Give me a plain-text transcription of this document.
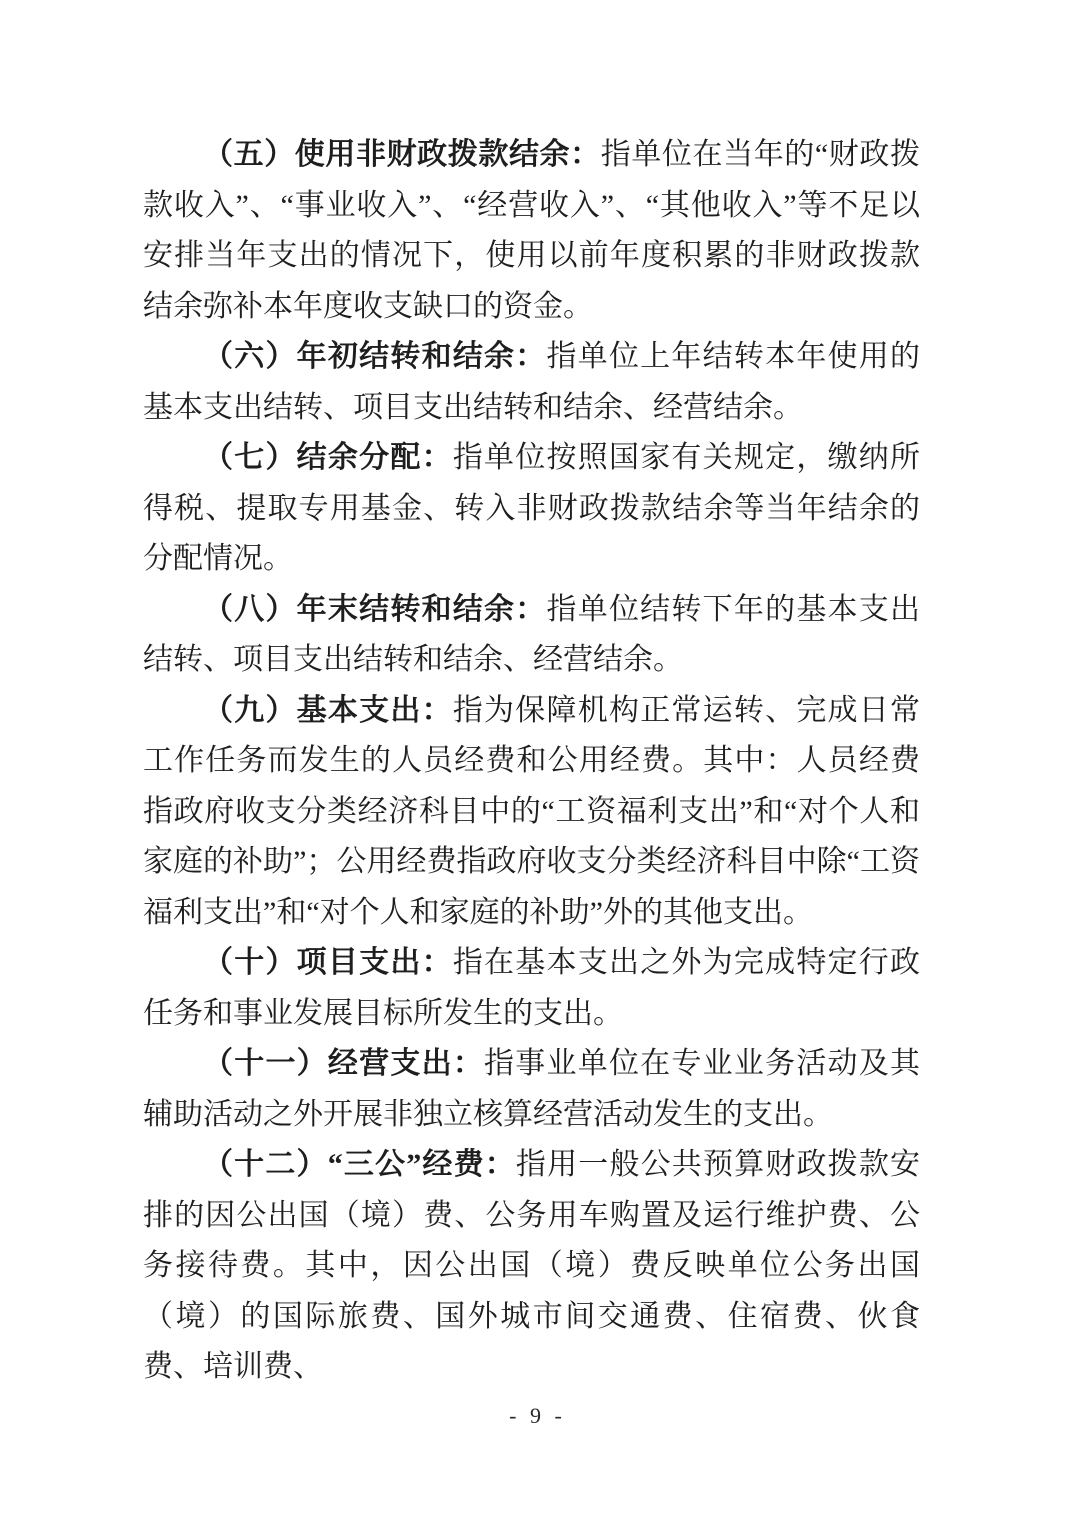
（五）使用非财政拨款结余：指单位在当年的“财政拨款收入”、“事业收入”、“经营收入”、“其他收入”等不足以安排当年支出的情况下，使用以前年度积累的非财政拨款结余弥补本年度收支缺口的资金。

（六）年初结转和结余：指单位上年结转本年使用的基本支出结转、项目支出结转和结余、经营结余。

（七）结余分配：指单位按照国家有关规定，缴纳所得税、提取专用基金、转入非财政拨款结余等当年结余的分配情况。

（八）年末结转和结余：指单位结转下年的基本支出结转、项目支出结转和结余、经营结余。

（九）基本支出：指为保障机构正常运转、完成日常工作任务而发生的人员经费和公用经费。其中：人员经费指政府收支分类经济科目中的“工资福利支出”和“对个人和家庭的补助”；公用经费指政府收支分类经济科目中除“工资福利支出”和“对个人和家庭的补助”外的其他支出。

（十）项目支出：指在基本支出之外为完成特定行政任务和事业发展目标所发生的支出。

（十一）经营支出：指事业单位在专业业务活动及其辅助活动之外开展非独立核算经营活动发生的支出。

（十二）“三公”经费：指用一般公共预算财政拨款安排的因公出国（境）费、公务用车购置及运行维护费、公务接待费。其中，因公出国（境）费反映单位公务出国（境）的国际旅费、国外城市间交通费、住宿费、伙食费、培训费、

- 9 -
